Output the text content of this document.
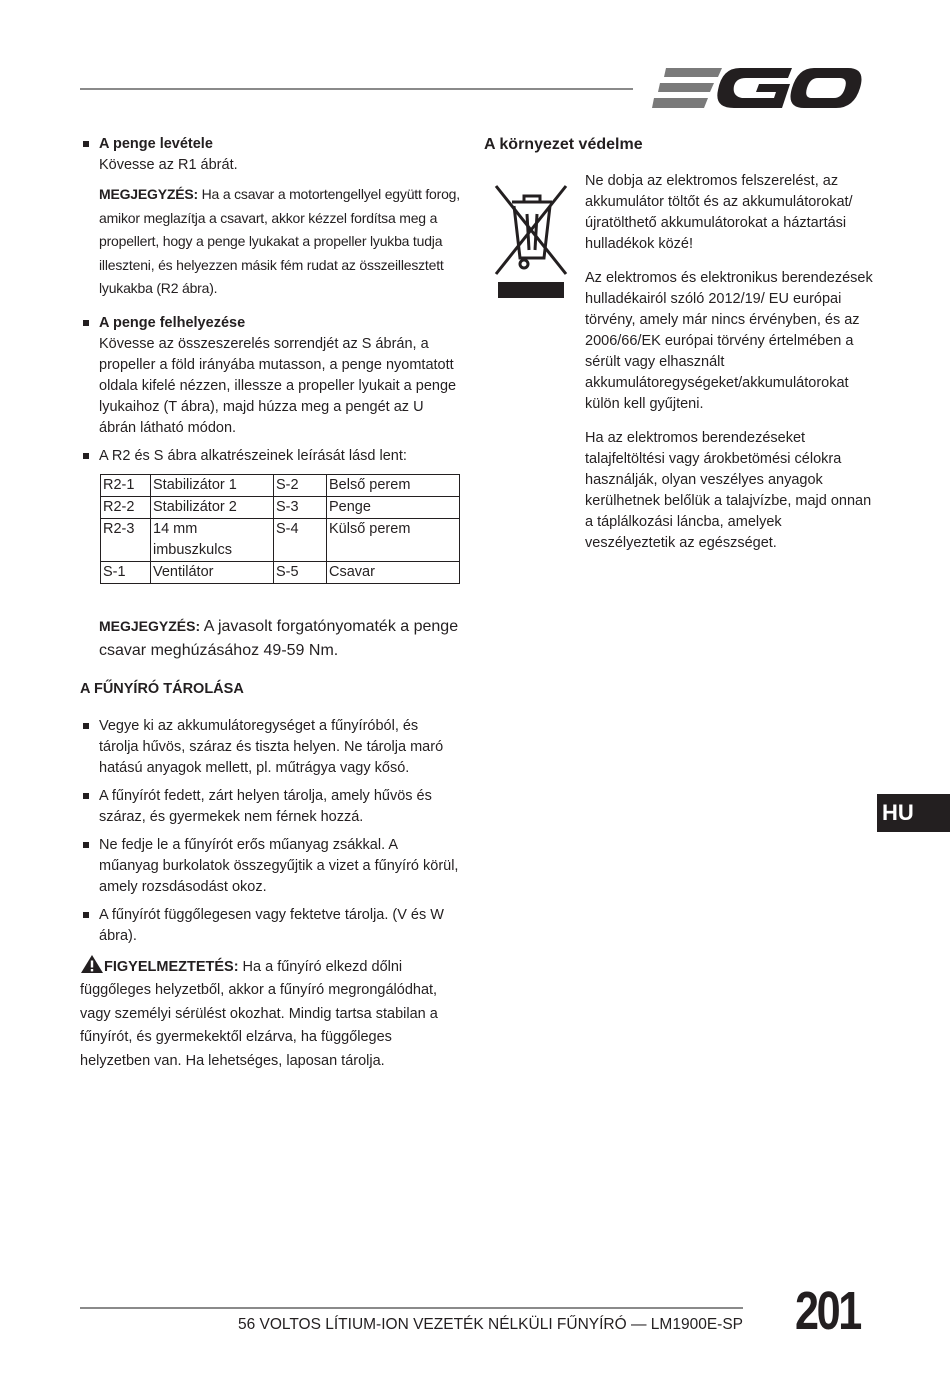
A penge levétele
Kövesse az R1 ábrát.
MEGJEGYZÉS: Ha a csavar a motortengellyel együtt forog, amikor meglazítja a csavart, akkor kézzel fordítsa meg a propellert, hogy a penge lyukakat a propeller lyukba tudja illeszteni, és helyezzen másik fém rudat az összeillesztett lyukakba (R2 ábra).
A penge felhelyezése
Kövesse az összeszerelés sorrendjét az S ábrán, a propeller a föld irányába mutasson, a penge nyomtatott oldala kifelé nézzen, illessze a propeller lyukait a penge lyukaihoz (T ábra), majd húzza meg a pengét az U ábrán látható módon.
A R2 és S ábra alkatrészeinek leírását lásd lent:
R2-1	Stabilizátor 1	S-2	Belső perem
R2-2	Stabilizátor 2	S-3	Penge
R2-3	14 mm imbuszkulcs	S-4	Külső perem
S-1	Ventilátor	S-5	Csavar
MEGJEGYZÉS: A javasolt forgatónyomaték a penge csavar meghúzásához 49-59 Nm.
A FŰNYÍRÓ TÁROLÁSA
Vegye ki az akkumulátoregységet a fűnyíróból, és tárolja hűvös, száraz és tiszta helyen. Ne tárolja maró hatású anyagok mellett, pl. műtrágya vagy kősó.
A fűnyírót fedett, zárt helyen tárolja, amely hűvös és száraz, és gyermekek nem férnek hozzá.
Ne fedje le a fűnyírót erős műanyag zsákkal. A műanyag burkolatok összegyűjtik a vizet a fűnyíró körül, amely rozsdásodást okoz.
A fűnyírót függőlegesen vagy fektetve tárolja. (V és W ábra).
FIGYELMEZTETÉS: Ha a fűnyíró elkezd dőlni függőleges helyzetből, akkor a fűnyíró megrongálódhat, vagy személyi sérülést okozhat. Mindig tartsa stabilan a fűnyírót, és gyermekektől elzárva, ha függőleges helyzetben van. Ha lehetséges, laposan tárolja.
A környezet védelme

Ne dobja az elektromos felszerelést, az akkumulátor töltőt és az akkumulátorokat/ újratölthető akkumulátorokat a háztartási hulladékok közé!

Az elektromos és elektronikus berendezések hulladékairól szóló 2012/19/ EU európai törvény, amely már nincs érvényben, és az 2006/66/EK európai törvény értelmében a sérült vagy elhasznált akkumulátoregységeket/akkumulátorokat külön kell gyűjteni.

Ha az elektromos berendezéseket talajfeltöltési vagy árokbetömési célokra használják, olyan veszélyes anyagok kerülhetnek belőlük a talajvízbe, majd onnan a táplálkozási láncba, amelyek veszélyeztetik az egészséget.

HU
56 VOLTOS LÍTIUM-ION VEZETÉK NÉLKÜLI FŰNYÍRÓ — LM1900E-SP 201
